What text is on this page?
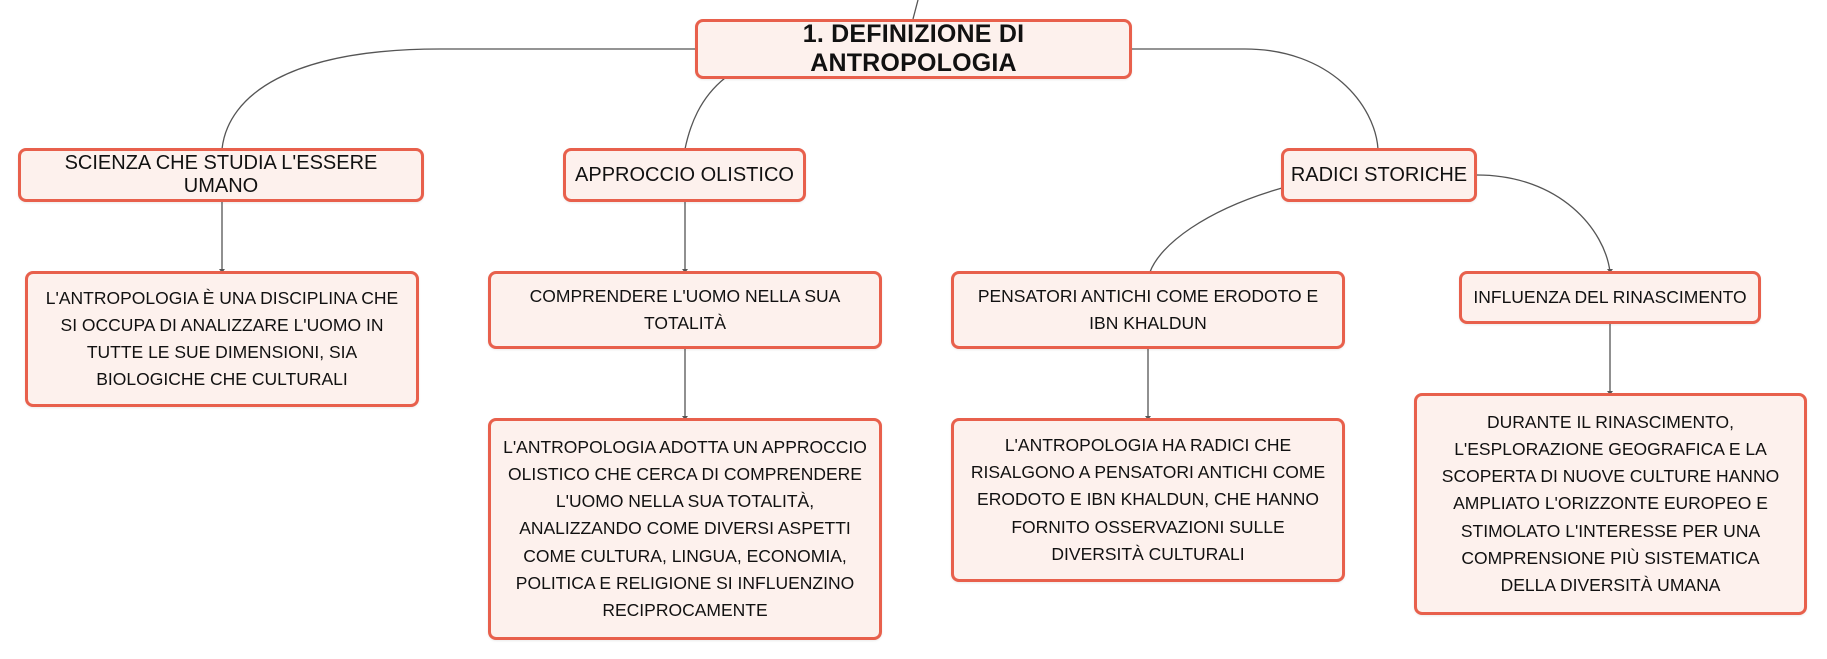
1. DEFINIZIONE DI ANTROPOLOGIA
SCIENZA CHE STUDIA L'ESSERE UMANO
APPROCCIO OLISTICO	RADICI STORICHE
L'ANTROPOLOGIA È UNA DISCIPLINA CHE SI OCCUPA DI ANALIZZARE L'UOMO IN TUTTE LE SUE DIMENSIONI, SIA BIOLOGICHE CHE CULTURALI
COMPRENDERE L'UOMO NELLA SUA TOTALITÀ
L'ANTROPOLOGIA ADOTTA UN APPROCCIO OLISTICO CHE CERCA DI COMPRENDERE L'UOMO NELLA SUA TOTALITÀ, ANALIZZANDO COME DIVERSI ASPETTI COME CULTURA, LINGUA, ECONOMIA, POLITICA E RELIGIONE SI INFLUENZINO RECIPROCAMENTE
PENSATORI ANTICHI COME ERODOTO E IBN KHALDUN
L'ANTROPOLOGIA HA RADICI CHE RISALGONO A PENSATORI ANTICHI COME ERODOTO E IBN KHALDUN, CHE HANNO FORNITO OSSERVAZIONI SULLE DIVERSITÀ CULTURALI
INFLUENZA DEL RINASCIMENTO
DURANTE IL RINASCIMENTO, L'ESPLORAZIONE GEOGRAFICA E LA SCOPERTA DI NUOVE CULTURE HANNO AMPLIATO L'ORIZZONTE EUROPEO E STIMOLATO L'INTERESSE PER UNA COMPRENSIONE PIÙ SISTEMATICA DELLA DIVERSITÀ UMANA
